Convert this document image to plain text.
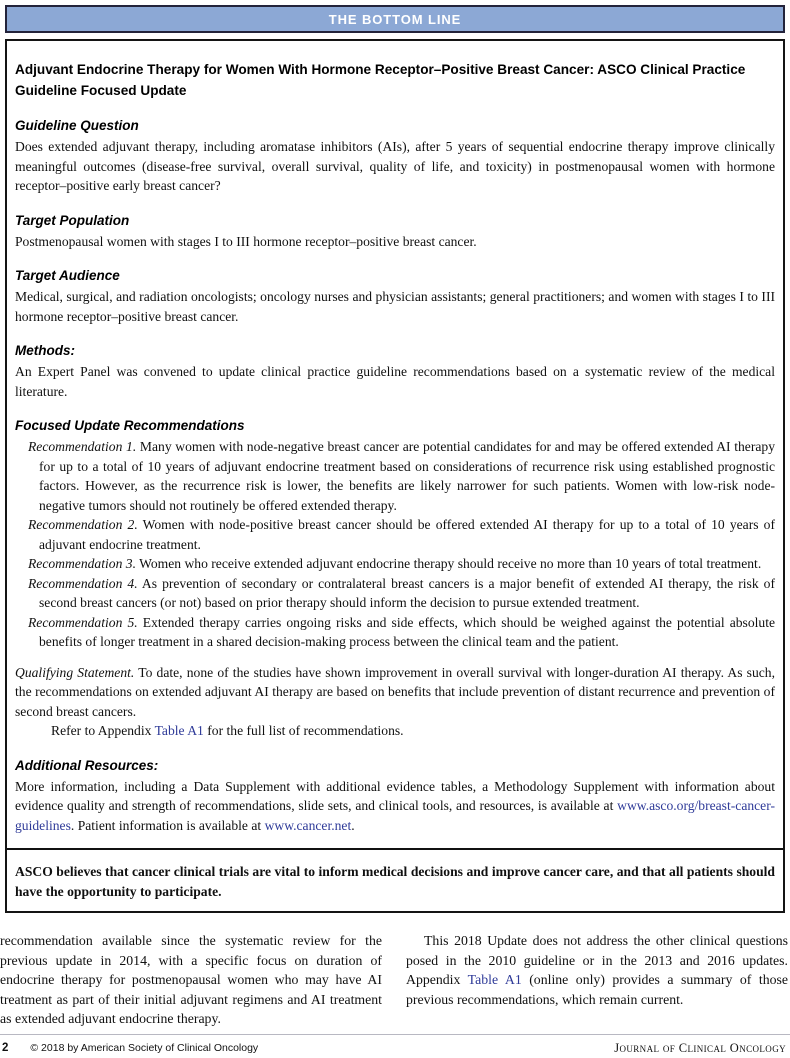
THE BOTTOM LINE
Adjuvant Endocrine Therapy for Women With Hormone Receptor–Positive Breast Cancer: ASCO Clinical Practice Guideline Focused Update
Guideline Question

Does extended adjuvant therapy, including aromatase inhibitors (AIs), after 5 years of sequential endocrine therapy improve clinically meaningful outcomes (disease-free survival, overall survival, quality of life, and toxicity) in postmenopausal women with hormone receptor–positive early breast cancer?

Target Population

Postmenopausal women with stages I to III hormone receptor–positive breast cancer.

Target Audience

Medical, surgical, and radiation oncologists; oncology nurses and physician assistants; general practitioners; and women with stages I to III hormone receptor–positive breast cancer.

Methods:

An Expert Panel was convened to update clinical practice guideline recommendations based on a systematic review of the medical literature.

Focused Update Recommendations

Recommendation 1. Many women with node-negative breast cancer are potential candidates for and may be offered extended AI therapy for up to a total of 10 years of adjuvant endocrine treatment based on considerations of recurrence risk using established prognostic factors. However, as the recurrence risk is lower, the benefits are likely narrower for such patients. Women with low-risk node-negative tumors should not routinely be offered extended therapy.

Recommendation 2. Women with node-positive breast cancer should be offered extended AI therapy for up to a total of 10 years of adjuvant endocrine treatment.

Recommendation 3. Women who receive extended adjuvant endocrine therapy should receive no more than 10 years of total treatment.

Recommendation 4. As prevention of secondary or contralateral breast cancers is a major benefit of extended AI therapy, the risk of second breast cancers (or not) based on prior therapy should inform the decision to pursue extended treatment.

Recommendation 5. Extended therapy carries ongoing risks and side effects, which should be weighed against the potential absolute benefits of longer treatment in a shared decision-making process between the clinical team and the patient.

Qualifying Statement. To date, none of the studies have shown improvement in overall survival with longer-duration AI therapy. As such, the recommendations on extended adjuvant AI therapy are based on benefits that include prevention of distant recurrence and prevention of second breast cancers.

Refer to Appendix Table A1 for the full list of recommendations.

Additional Resources:

More information, including a Data Supplement with additional evidence tables, a Methodology Supplement with information about evidence quality and strength of recommendations, slide sets, and clinical tools, and resources, is available at www.asco.org/breast-cancer-guidelines. Patient information is available at www.cancer.net.

ASCO believes that cancer clinical trials are vital to inform medical decisions and improve cancer care, and that all patients should have the opportunity to participate.

recommendation available since the systematic review for the previous update in 2014, with a specific focus on duration of endocrine therapy for postmenopausal women who may have AI treatment as part of their initial adjuvant regimens and AI treatment as extended adjuvant endocrine therapy.

This 2018 Update does not address the other clinical questions posed in the 2010 guideline or in the 2013 and 2016 updates. Appendix Table A1 (online only) provides a summary of those previous recommendations, which remain current.

2 © 2018 by American Society of Clinical Oncology	Journal of Clinical Oncology
